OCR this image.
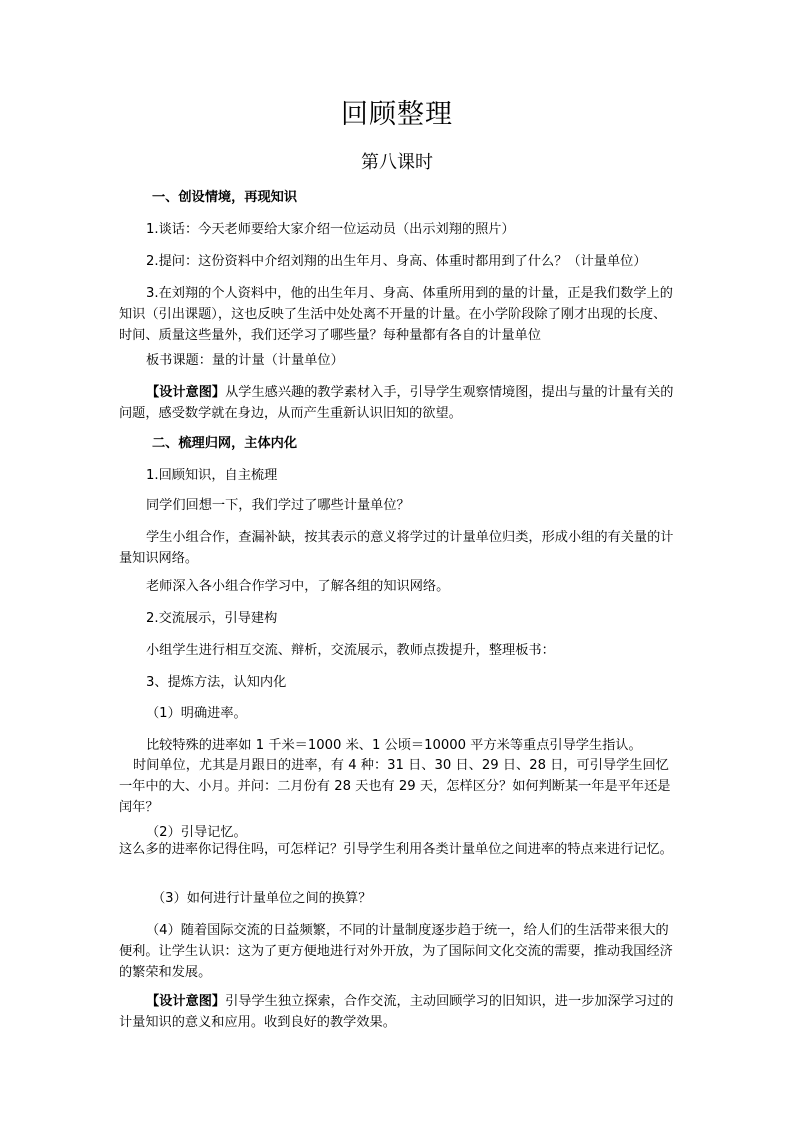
回顾整理
第八课时
一、创设情境，再现知识
1.谈话：今天老师要给大家介绍一位运动员（出示刘翔的照片）
2.提问：这份资料中介绍刘翔的出生年月、身高、体重时都用到了什么？（计量单位）
3.在刘翔的个人资料中，他的出生年月、身高、体重所用到的量的计量，正是我们数学上的知识（引出课题），这也反映了生活中处处离不开量的计量。在小学阶段除了刚才出现的长度、时间、质量这些量外，我们还学习了哪些量？每种量都有各自的计量单位
板书课题：量的计量（计量单位）
【设计意图】从学生感兴趣的教学素材入手，引导学生观察情境图，提出与量的计量有关的问题，感受数学就在身边，从而产生重新认识旧知的欲望。
二、梳理归网，主体内化
1.回顾知识，自主梳理
同学们回想一下，我们学过了哪些计量单位？
学生小组合作，查漏补缺，按其表示的意义将学过的计量单位归类，形成小组的有关量的计量知识网络。
老师深入各小组合作学习中，了解各组的知识网络。
2.交流展示，引导建构
小组学生进行相互交流、辩析，交流展示，教师点拨提升，整理板书：
3、提炼方法，认知内化
（1）明确进率。
比较特殊的进率如 1 千米＝1000 米、1 公顷＝10000 平方米等重点引导学生指认。
时间单位，尤其是月跟日的进率，有 4 种：31 日、30 日、29 日、28 日，可引导学生回忆一年中的大、小月。并问：二月份有 28 天也有 29 天，怎样区分？如何判断某一年是平年还是闰年？
（2）引导记忆。
这么多的进率你记得住吗，可怎样记？引导学生利用各类计量单位之间进率的特点来进行记忆。
（3）如何进行计量单位之间的换算？
（4）随着国际交流的日益频繁，不同的计量制度逐步趋于统一，给人们的生活带来很大的便利。让学生认识：这为了更方便地进行对外开放，为了国际间文化交流的需要，推动我国经济的繁荣和发展。
【设计意图】引导学生独立探索，合作交流，主动回顾学习的旧知识，进一步加深学习过的计量知识的意义和应用。收到良好的教学效果。
